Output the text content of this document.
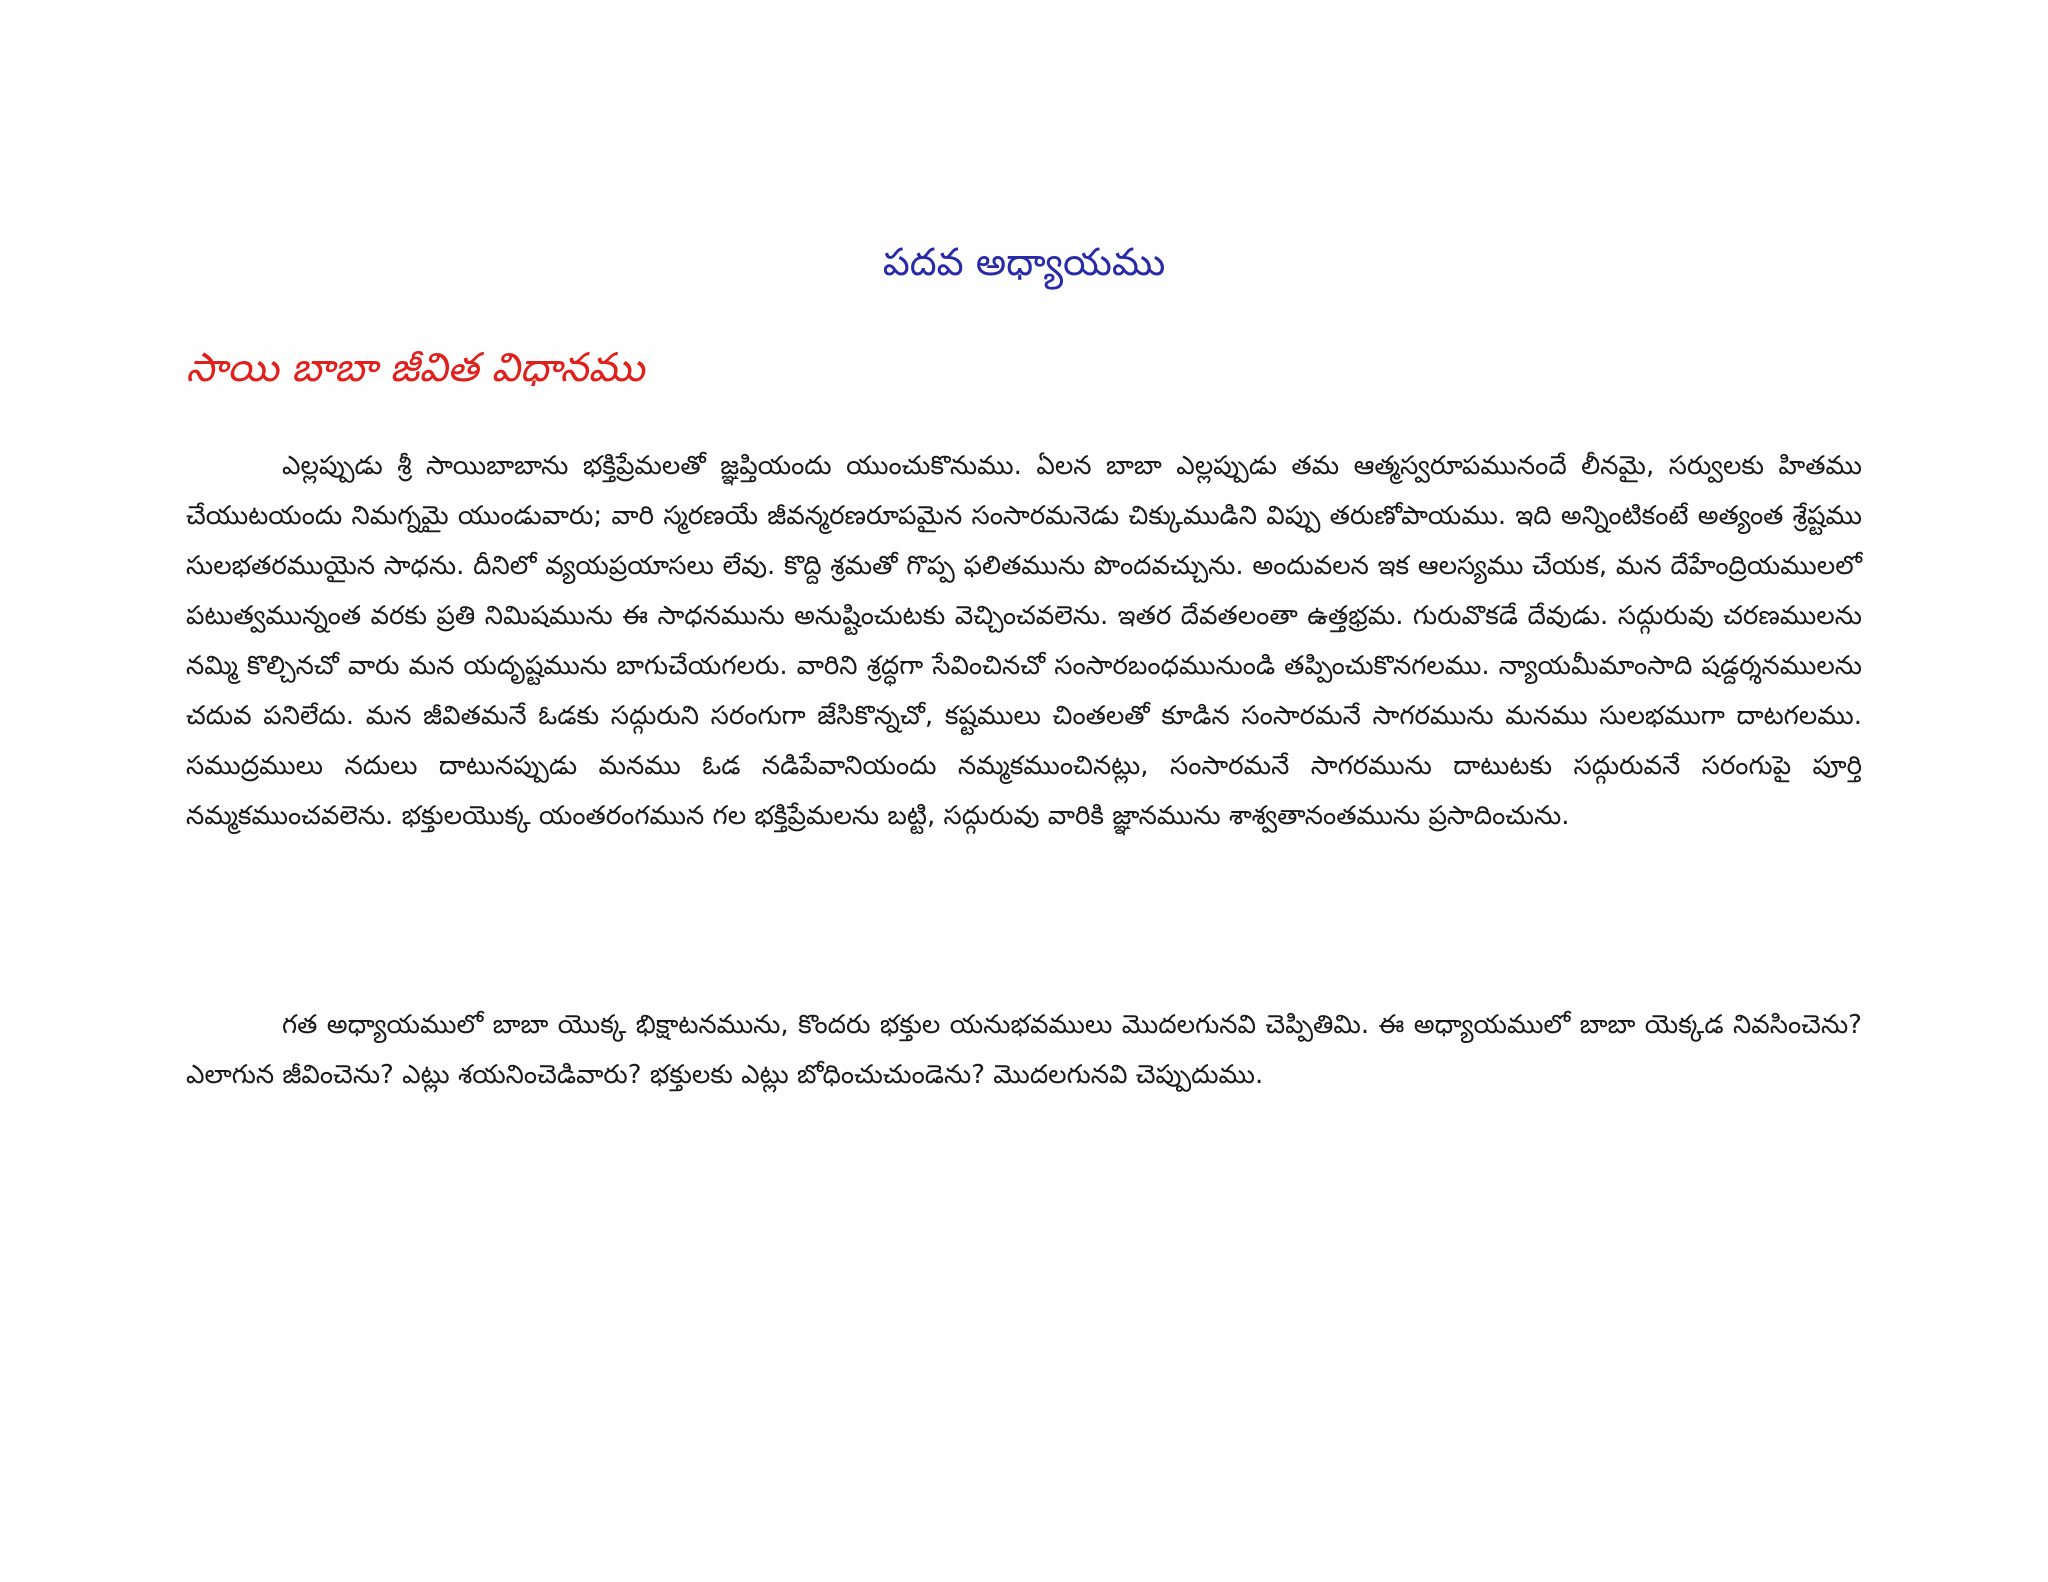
పదవ అధ్యాయము
సాయి బాబా జీవిత విధానము

ఎల్లప్పుడు శ్రీ సాయిబాబాను భక్తిప్రేమలతో జ్ఞప్తియందు యుంచుకొనుము. ఏలన బాబా ఎల్లప్పుడు తమ ఆత్మస్వరూపమునందే లీనమై, సర్వులకు హితము చేయుటయందు నిమగ్నమై యుండువారు; వారి స్మరణయే జీవన్మరణరూపమైన సంసారమనెడు చిక్కుముడిని విప్పు తరుణోపాయము. ఇది అన్నింటికంటే అత్యంత శ్రేష్టము సులభతరముయైన సాధను. దీనిలో వ్యయప్రయాసలు లేవు. కొద్ది శ్రమతో గొప్ప ఫలితమును పొందవచ్చును. అందువలన ఇక ఆలస్యము చేయక, మన దేహేంద్రియములలో పటుత్వమున్నంత వరకు ప్రతి నిమిషమును ఈ సాధనమును అనుష్టించుటకు వెచ్చించవలెను. ఇతర దేవతలంతా ఉత్తభ్రమ. గురువొకడే దేవుడు. సద్గురువు చరణములను నమ్మి కొల్చినచో వారు మన యదృష్టమును బాగుచేయగలరు. వారిని శ్రద్ధగా సేవించినచో సంసారబంధమునుండి తప్పించుకొనగలము. న్యాయమీమాంసాది షడ్దర్శనములను చదువ పనిలేదు. మన జీవితమనే ఓడకు సద్గురుని సరంగుగా జేసికొన్నచో, కష్టములు చింతలతో కూడిన సంసారమనే సాగరమును మనము సులభముగా దాటగలము. సముద్రములు నదులు దాటునప్పుడు మనము ఓడ నడిపేవానియందు నమ్మకముంచినట్లు, సంసారమనే సాగరమును దాటుటకు సద్గురువనే సరంగుపై పూర్తి నమ్మకముంచవలెను. భక్తులయొక్క యంతరంగమున గల భక్తిప్రేమలను బట్టి, సద్గురువు వారికి జ్ఞానమును శాశ్వతానంతమును ప్రసాదించును.

గత అధ్యాయములో బాబా యొక్క భిక్షాటనమును, కొందరు భక్తుల యనుభవములు మొదలగునవి చెప్పితిమి. ఈ అధ్యాయములో బాబా యెక్కడ నివసించెను? ఎలాగున జీవించెను? ఎట్లు శయనించెడివారు? భక్తులకు ఎట్లు బోధించుచుండెను? మొదలగునవి చెప్పుదుము.
